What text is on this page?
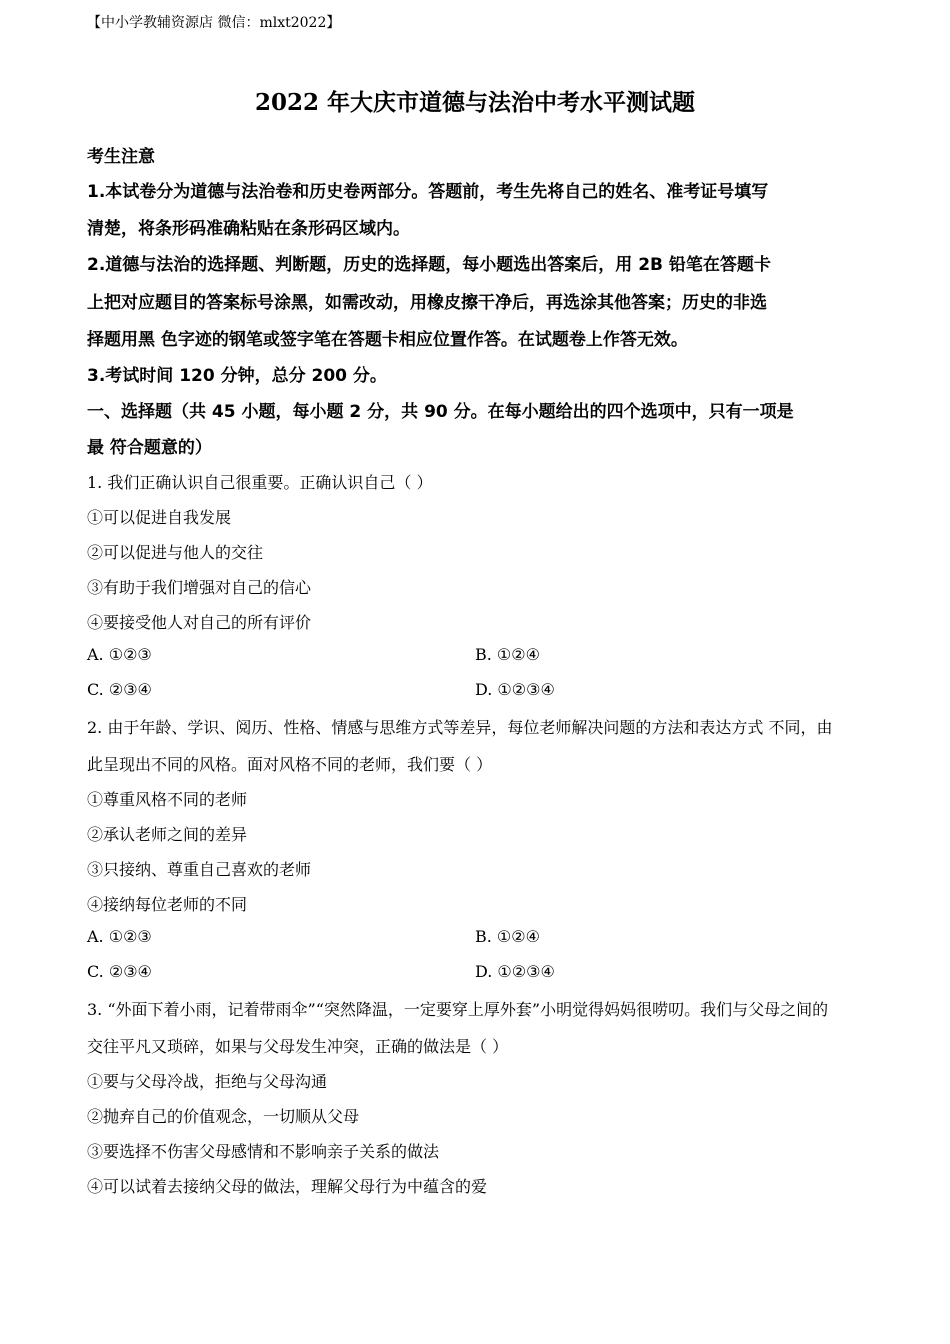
【中小学教辅资源店 微信：mlxt2022】
2022 年大庆市道德与法治中考水平测试题
考生注意
1.本试卷分为道德与法治卷和历史卷两部分。答题前，考生先将自己的姓名、准考证号填写
清楚，将条形码准确粘贴在条形码区域内。
2.道德与法治的选择题、判断题，历史的选择题，每小题选出答案后，用 2B 铅笔在答题卡
上把对应题目的答案标号涂黑，如需改动，用橡皮擦干净后，再选涂其他答案；历史的非选
择题用黑 色字迹的钢笔或签字笔在答题卡相应位置作答。在试题卷上作答无效。
3.考试时间 120 分钟，总分 200 分。
一、选择题（共 45 小题，每小题 2 分，共 90 分。在每小题给出的四个选项中，只有一项是
最 符合题意的）
1. 我们正确认识自己很重要。正确认识自己（ ）
①可以促进自我发展
②可以促进与他人的交往
③有助于我们增强对自己的信心
④要接受他人对自己的所有评价
A. ①②③	B. ①②④
C. ②③④	D. ①②③④
2. 由于年龄、学识、阅历、性格、情感与思维方式等差异，每位老师解决问题的方法和表达方式 不同，由
此呈现出不同的风格。面对风格不同的老师，我们要（ ）
①尊重风格不同的老师
②承认老师之间的差异
③只接纳、尊重自己喜欢的老师
④接纳每位老师的不同
A. ①②③	B. ①②④
C. ②③④	D. ①②③④
3. “外面下着小雨，记着带雨伞”“突然降温，一定要穿上厚外套”小明觉得妈妈很唠叨。我们与父母之间的
交往平凡又琐碎，如果与父母发生冲突，正确的做法是（ ）
①要与父母冷战，拒绝与父母沟通
②抛弃自己的价值观念，一切顺从父母
③要选择不伤害父母感情和不影响亲子关系的做法
④可以试着去接纳父母的做法，理解父母行为中蕴含的爱
